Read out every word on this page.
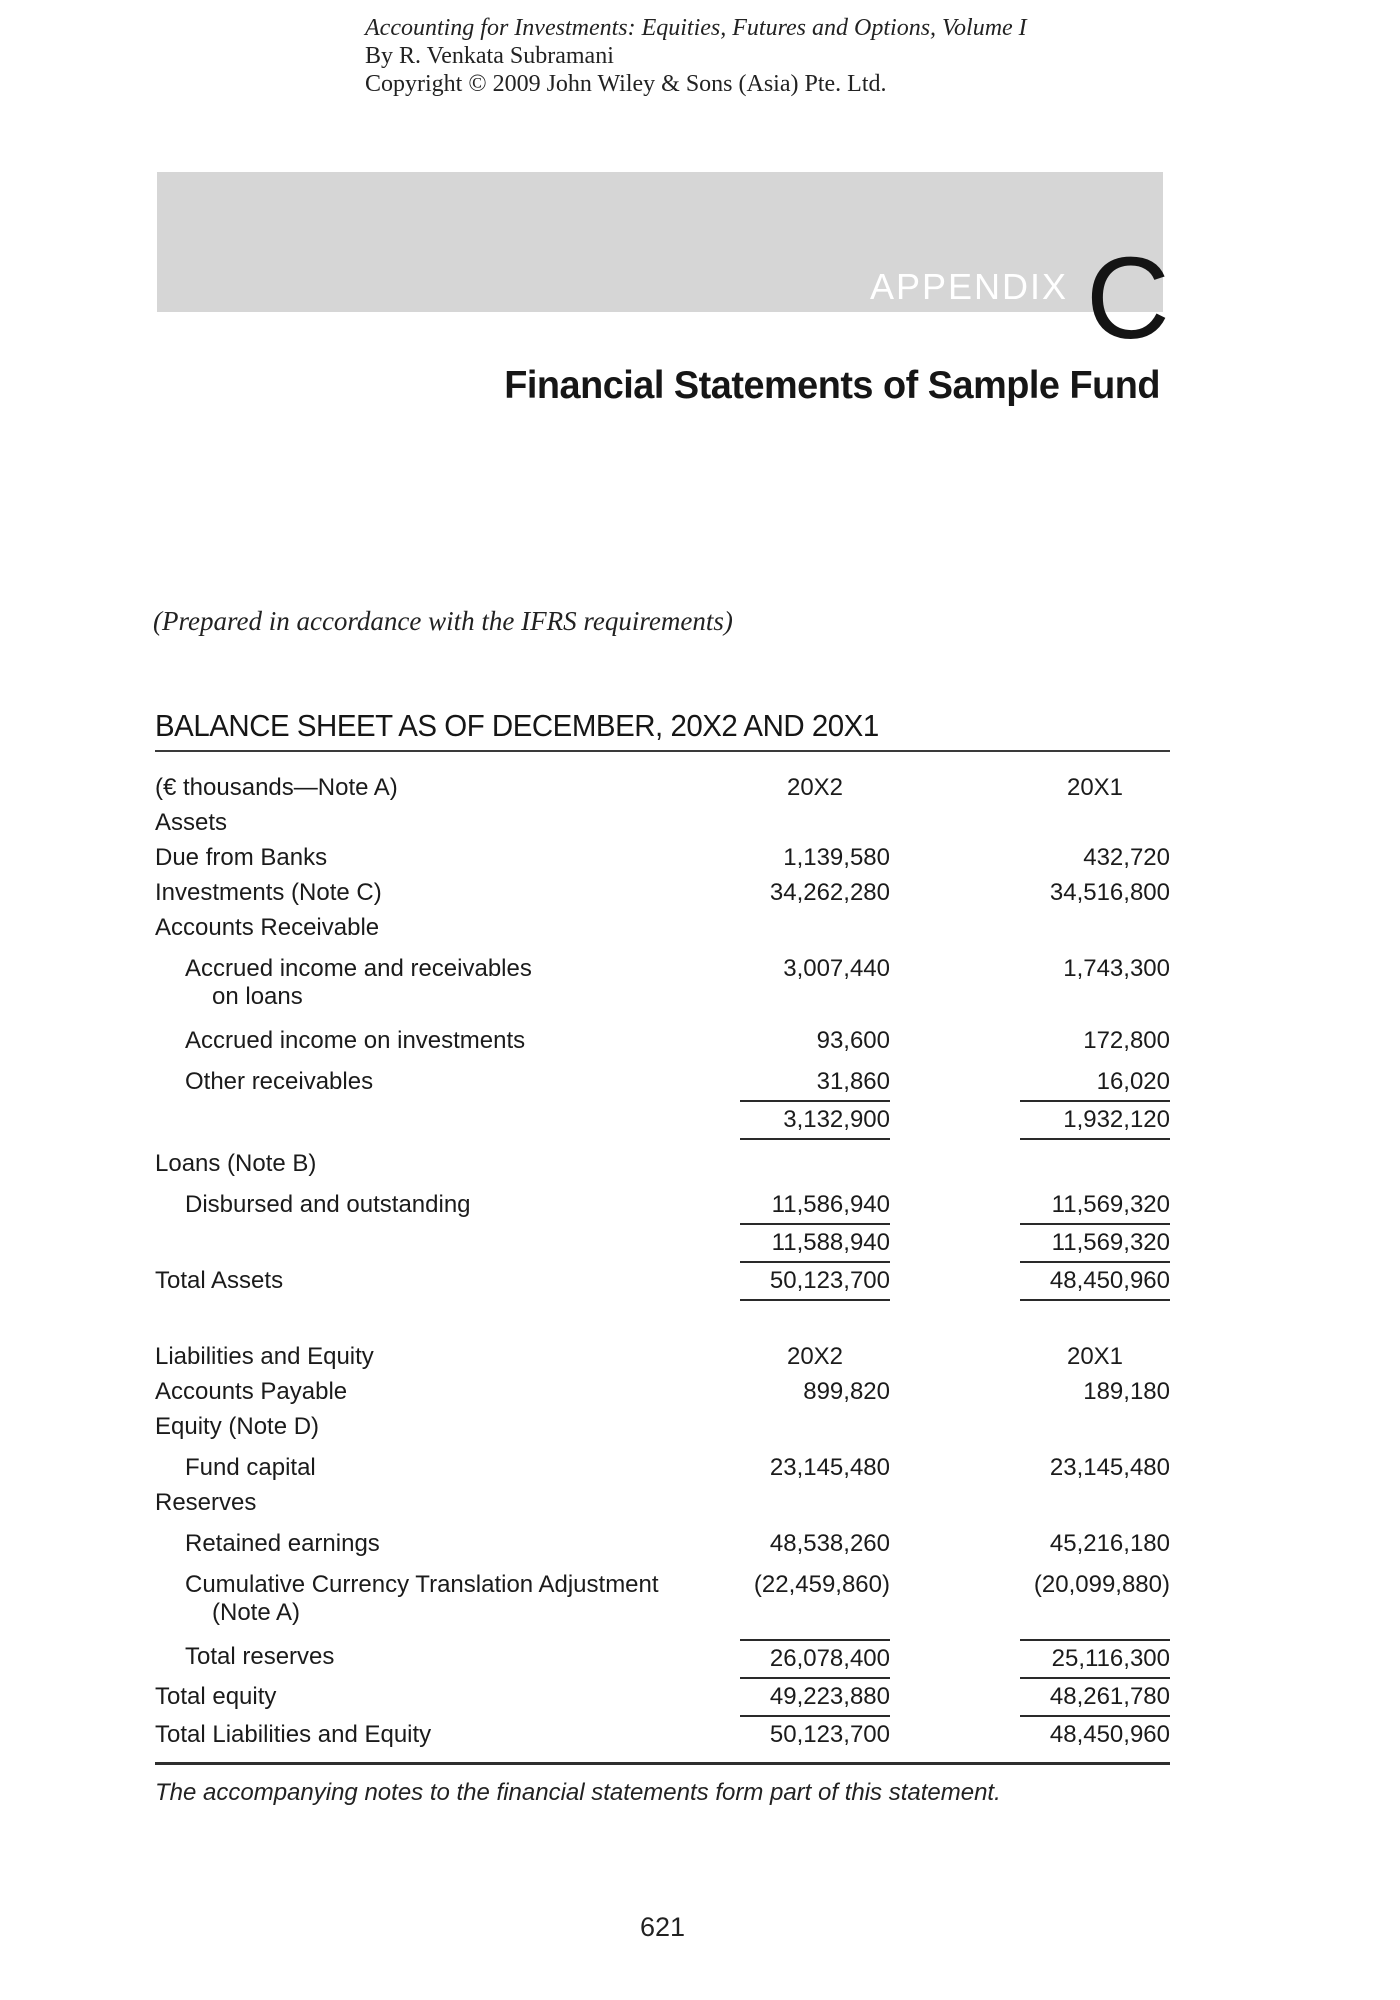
Accounting for Investments: Equities, Futures and Options, Volume I
By R. Venkata Subramani
Copyright © 2009 John Wiley & Sons (Asia) Pte. Ltd.
APPENDIX C
Financial Statements of Sample Fund
(Prepared in accordance with the IFRS requirements)
BALANCE SHEET AS OF DECEMBER, 20X2 AND 20X1
(€ thousands—Note A)	20X2	20X1
Assets
Due from Banks	1,139,580	432,720
Investments (Note C)	34,262,280	34,516,800
Accounts Receivable
Accrued income and receivables
on loans
3,007,440	1,743,300
Accrued income on investments	93,600	172,800
Other receivables	31,860	16,020
3,132,900	1,932,120
Loans (Note B)
Disbursed and outstanding	11,586,940	11,569,320
11,588,940	11,569,320
Total Assets	50,123,700	48,450,960
Liabilities and Equity	20X2	20X1
Accounts Payable	899,820	189,180
Equity (Note D)
Fund capital	23,145,480	23,145,480
Reserves
Retained earnings	48,538,260	45,216,180
Cumulative Currency Translation Adjustment
(Note A)
(22,459,860)	(20,099,880)
Total reserves	26,078,400	25,116,300
Total equity	49,223,880	48,261,780
Total Liabilities and Equity	50,123,700	48,450,960
The accompanying notes to the financial statements form part of this statement.
621
